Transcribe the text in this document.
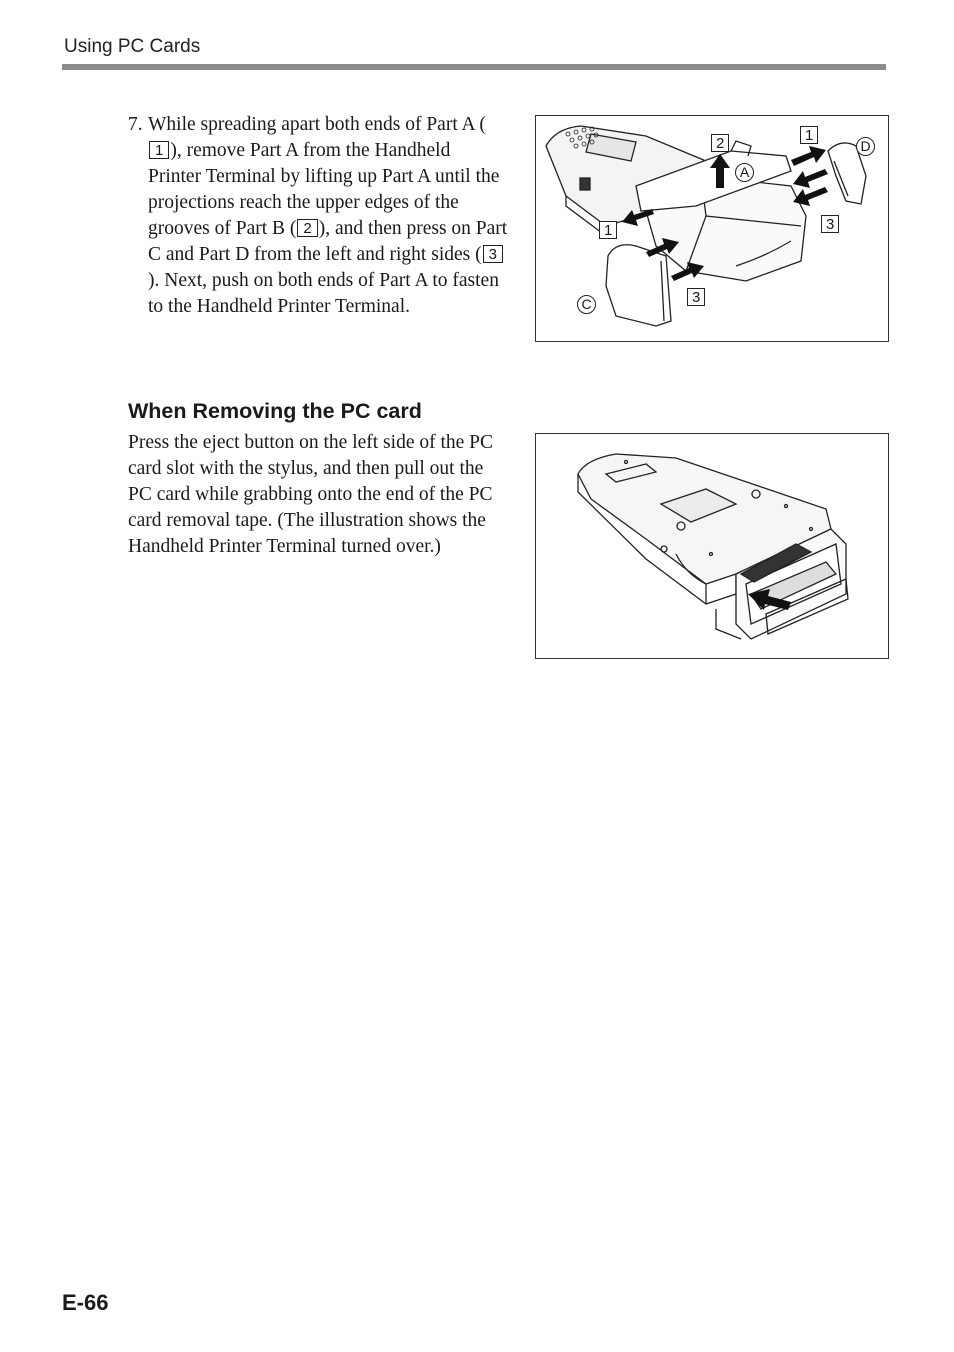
Using PC Cards
7. While spreading apart both ends of Part A (1 ), remove Part A from the Handheld Printer Terminal by lifting up Part A until the projections reach the upper edges of the grooves of Part B ( 2 ), and then press on Part C and Part D from the left and right sides ( 3). Next, push on both ends of Part A to fasten to the Handheld Printer Terminal.
1
2
A
D
1	3
3
C
When Removing the PC card
Press the eject button on the left side of the PC card slot with the stylus, and then pull out the PC card while grabbing onto the end of the PC card removal tape. (The illustration shows the Handheld Printer Terminal turned over.)
E-66
